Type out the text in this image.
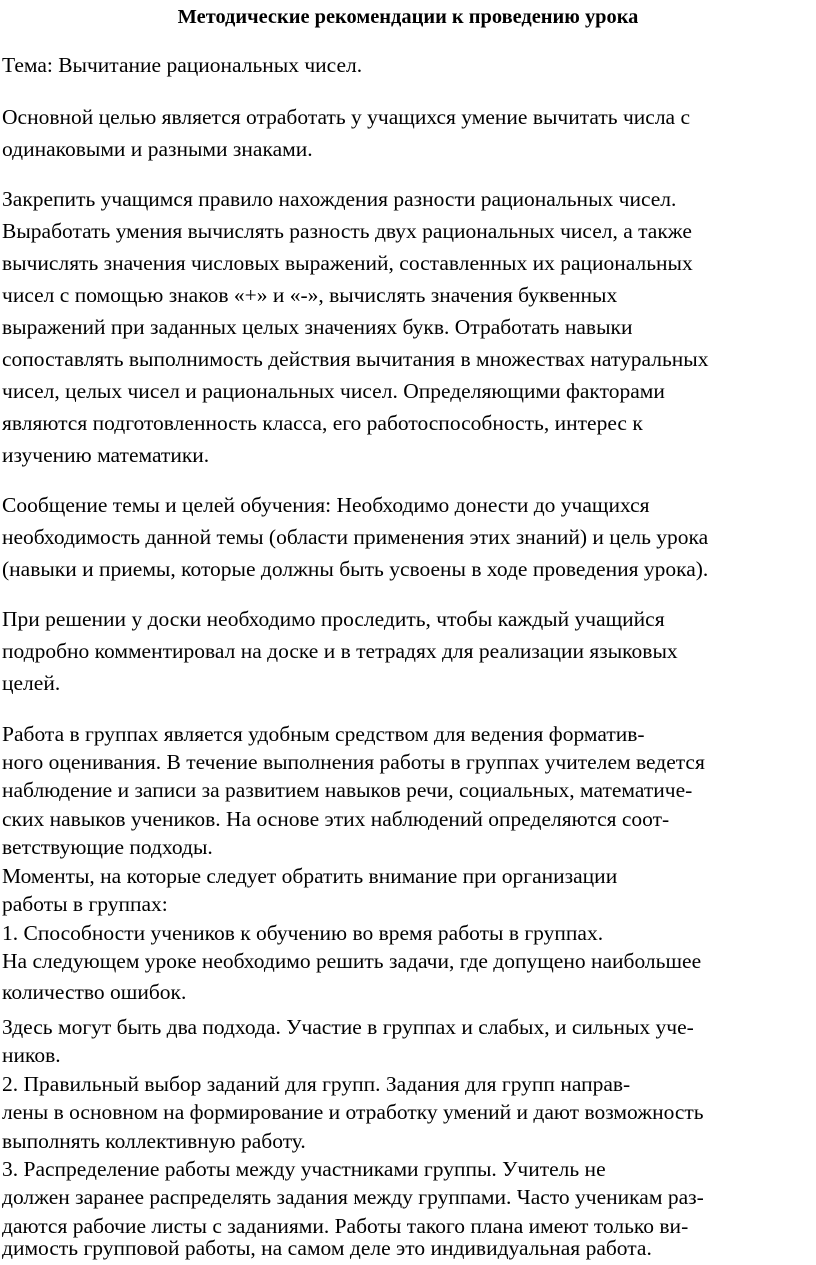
Методические рекомендации к проведению урока
Тема: Вычитание рациональных чисел.
Основной целью является отработать у учащихся умение вычитать числа с
одинаковыми и разными знаками.
Закрепить учащимся правило нахождения разности рациональных чисел.
Выработать умения вычислять разность двух рациональных чисел, а также
вычислять значения числовых выражений, составленных их рациональных
чисел с помощью знаков «+» и «-», вычислять значения буквенных
выражений при заданных целых значениях букв. Отработать навыки
сопоставлять выполнимость действия вычитания в множествах натуральных
чисел, целых чисел и рациональных чисел. Определяющими факторами
являются подготовленность класса, его работоспособность, интерес к
изучению математики.
Сообщение темы и целей обучения: Необходимо донести до учащихся
необходимость данной темы (области применения этих знаний) и цель урока
(навыки и приемы, которые должны быть усвоены в ходе проведения урока).
При решении у доски необходимо проследить, чтобы каждый учащийся
подробно комментировал на доске и в тетрадях для реализации языковых
целей.
Работа в группах является удобным средством для ведения форматив-
ного оценивания. В течение выполнения работы в группах учителем ведется
наблюдение и записи за развитием навыков речи, социальных, математиче-
ских навыков учеников. На основе этих наблюдений определяются соот-
ветствующие подходы.
Моменты, на которые следует обратить внимание при организации
работы в группах:
1. Способности учеников к обучению во время работы в группах.
На следующем уроке необходимо решить задачи, где допущено наибольшее
количество ошибок.
Здесь могут быть два подхода. Участие в группах и слабых, и сильных уче-
ников.
2. Правильный выбор заданий для групп. Задания для групп направ-
лены в основном на формирование и отработку умений и дают возможность
выполнять коллективную работу.
3. Распределение работы между участниками группы. Учитель не
должен заранее распределять задания между группами. Часто ученикам раз-
даются рабочие листы с заданиями. Работы такого плана имеют только ви-
димость групповой работы, на самом деле это индивидуальная работа.
